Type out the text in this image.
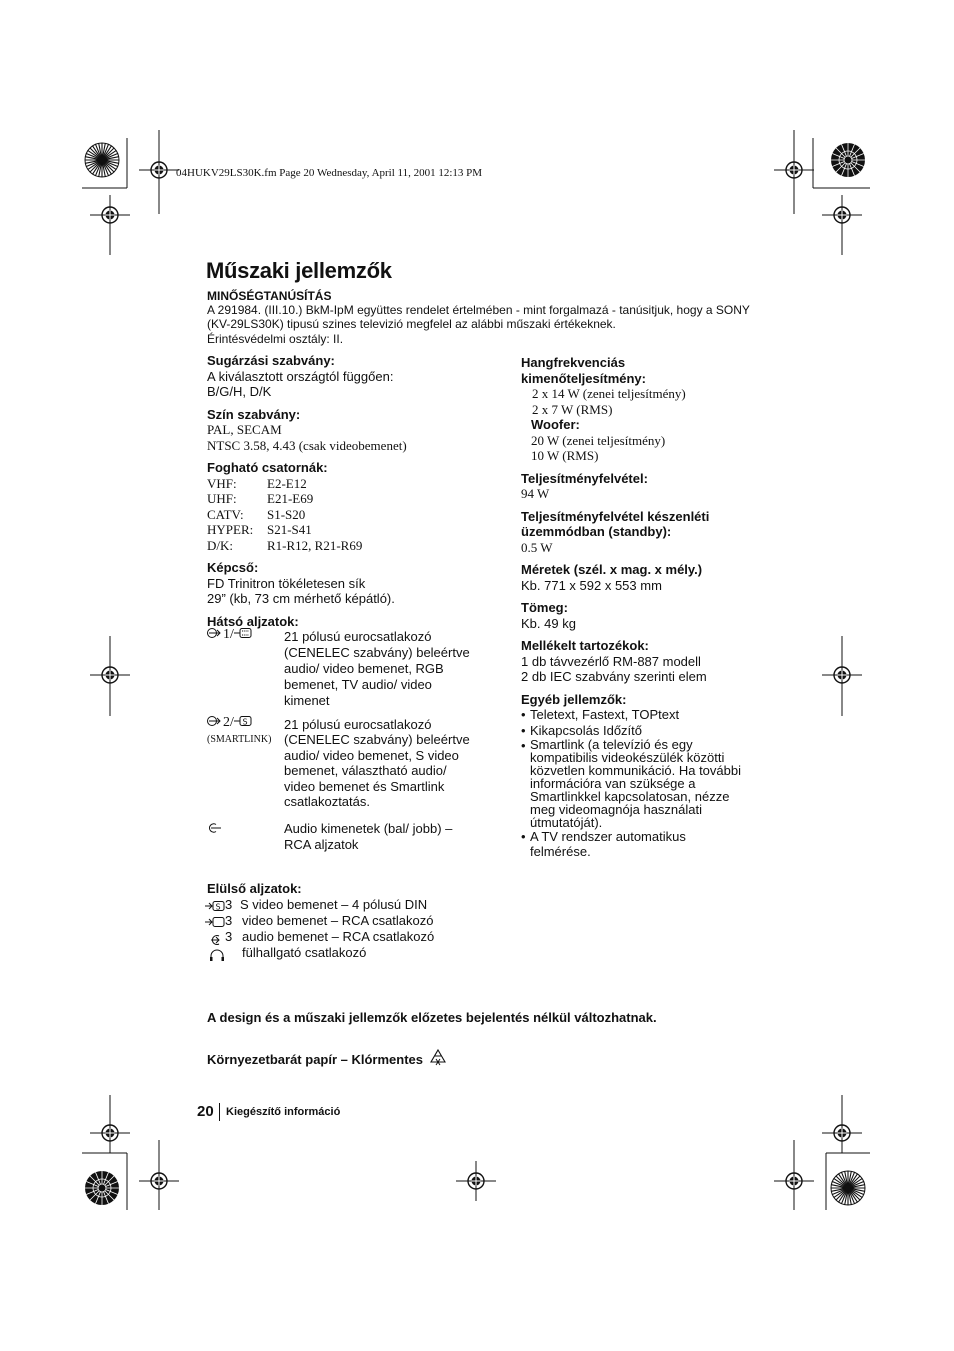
04HUKV29LS30K.fm Page 20 Wednesday, April 11, 2001 12:13 PM
Műszaki jellemzők
MINŐSÉGTANÚSÍTÁS
A 291984. (III.10.) BkM-IpM együttes rendelet értelmében - mint forgalmazá - tanúsitjuk, hogy a SONY
(KV-29LS30K) tipusú szines televizió megfelel az alábbi műszaki értékeknek.
Érintésvédelmi osztály: II.
Sugárzási szabvány:
A kiválasztott országtól függően:
B/G/H, D/K
Szín szabvány:
PAL, SECAM
NTSC 3.58, 4.43 (csak videobemenet)
Fogható csatornák:
VHF: E2-E12
UHF: E21-E69
CATV: S1-S20
HYPER: S21-S41
D/K:	R1-R12, R21-R69
Képcső:
FD Trinitron tökéletesen sík
29” (kb, 73 cm mérhető képátló).
Hátsó aljzatok:
1/	21 pólusú eurocsatlakozó
(CENELEC szabvány) beleértve
audio/ video bemenet, RGB
bemenet, TV audio/ video
kimenet
2/ S
(SMARTLINK)
21 pólusú eurocsatlakozó
(CENELEC szabvány) beleértve
audio/ video bemenet, S video
bemenet, választható audio/
video bemenet és Smartlink
csatlakoztatás.
Audio kimenetek (bal/ jobb) –
RCA aljzatok
Elülső aljzatok:
S 3 S video bemenet – 4 pólusú DIN
3 video bemenet – RCA csatlakozó
3 audio bemenet – RCA csatlakozó
fülhallgató csatlakozó
Hangfrekvenciás
kimenőteljesítmény:
2 x 14 W (zenei teljesítmény)
2 x 7 W (RMS)
Woofer:
20 W (zenei teljesítmény)
10 W (RMS)
Teljesítményfelvétel:
94 W
Teljesítményfelvétel készenléti
üzemmódban (standby):
0.5 W
Méretek (szél. x mag. x mély.)
Kb. 771 x 592 x 553 mm
Tömeg:
Kb. 49 kg
Mellékelt tartozékok:
1 db távvezérlő RM-887 modell
2 db IEC szabvány szerinti elem
Egyéb jellemzők:
• Teletext, Fastext, TOPtext
• Kikapcsolás Időzítő
• Smartlink (a televízió és egy
kompatibilis videokészülék közötti
közvetlen kommunikáció. Ha további
információra van szüksége a
Smartlinkkel kapcsolatosan, nézze
meg videomagnója használati
útmutatóját).
• A TV rendszer automatikus
felmérése.
A design és a műszaki jellemzők előzetes bejelentés nélkül változhatnak.
Környezetbarát papír – Klórmentes
20 Kiegészítő információ
